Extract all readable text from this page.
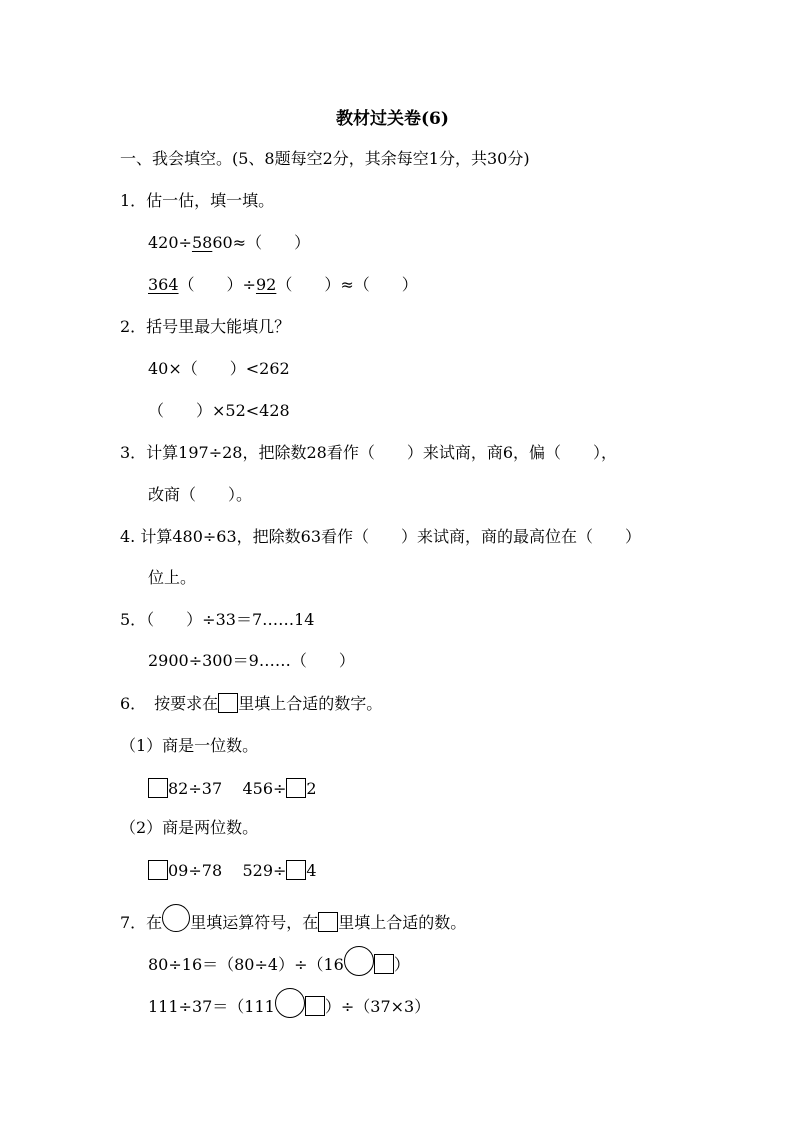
教材过关卷(6)
一、我会填空。(5、8题每空2分，其余每空1分，共30分)
1．估一估，填一填。
420÷5860≈（　　）
364（　　）÷92（　　）≈（　　）
2．括号里最大能填几？
40×（　　）<262
（　　）×52<428
3．计算197÷28，把除数28看作（　　）来试商，商6，偏（　　），
改商（　　）。
4. 计算480÷63，把除数63看作（　　）来试商，商的最高位在（　　）
位上。
5．（　　）÷33＝7……14
2900÷300＝9……（　　）
6．　按要求在 里填上合适的数字。
（1）商是一位数。
82÷37 456÷ 2
（2）商是两位数。
09÷78 529÷ 4
7．在 里填运算符号，在 里填上合适的数。
80÷16＝（80÷4）÷（16	）
111÷37＝（111	）÷（37×3）
